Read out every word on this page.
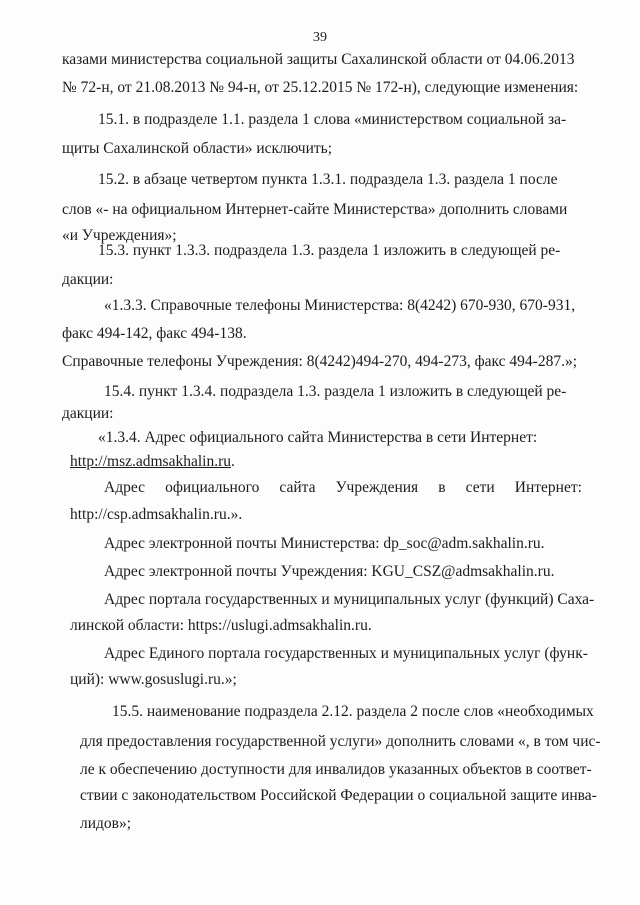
39
казами министерства социальной защиты Сахалинской области от 04.06.2013
№ 72-н, от 21.08.2013 № 94-н, от 25.12.2015 № 172-н), следующие изменения:
15.1. в подразделе 1.1. раздела 1 слова «министерством социальной за-
щиты Сахалинской области» исключить;
15.2. в абзаце четвертом пункта 1.3.1. подраздела 1.3. раздела 1 после
слов «- на официальном Интернет-сайте Министерства» дополнить словами
«и Учреждения»;
15.3. пункт 1.3.3. подраздела 1.3. раздела 1 изложить в следующей ре-
дакции:
«1.3.3. Справочные телефоны Министерства: 8(4242) 670-930, 670-931,
факс 494-142, факс 494-138.
Справочные телефоны Учреждения: 8(4242)494-270, 494-273, факс 494-287.»;
15.4. пункт 1.3.4. подраздела 1.3. раздела 1 изложить в следующей ре-
дакции:
«1.3.4. Адрес официального сайта Министерства в сети Интернет:
http://msz.admsakhalin.ru.
Адрес официального сайта Учреждения в сети Интернет:
http://csp.admsakhalin.ru.».
Адрес электронной почты Министерства: dp_soc@adm.sakhalin.ru.
Адрес электронной почты Учреждения: KGU_CSZ@admsakhalin.ru.
Адрес портала государственных и муниципальных услуг (функций) Саха-
линской области: https://uslugi.admsakhalin.ru.
Адрес Единого портала государственных и муниципальных услуг (функ-
ций): www.gosuslugi.ru.»;
15.5. наименование подраздела 2.12. раздела 2 после слов «необходимых
для предоставления государственной услуги» дополнить словами «, в том чис-
ле к обеспечению доступности для инвалидов указанных объектов в соответ-
ствии с законодательством Российской Федерации о социальной защите инва-
лидов»;
